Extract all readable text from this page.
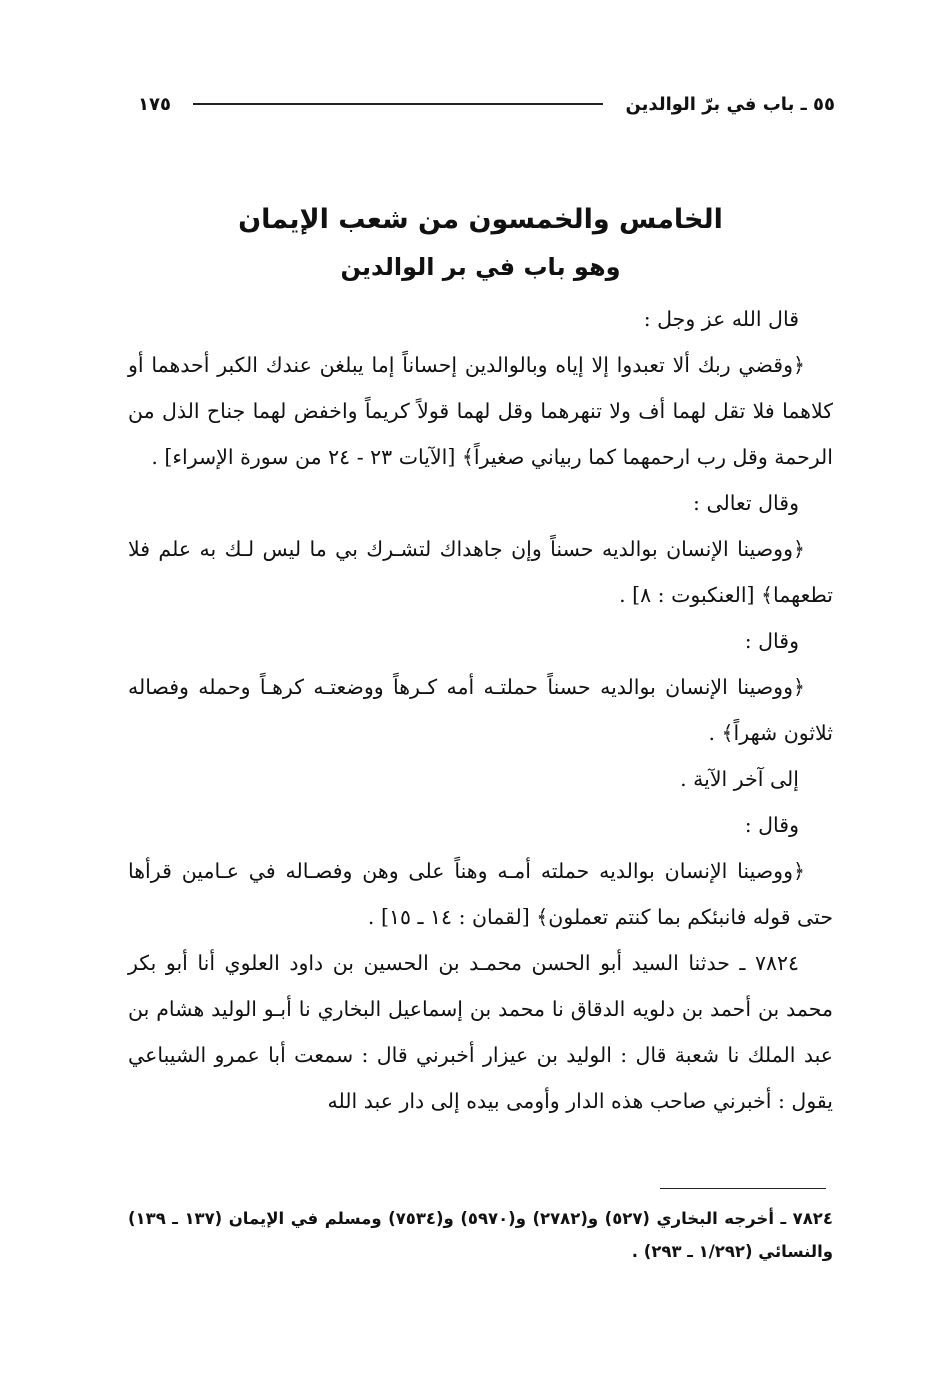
٥٥ ـ باب في برّ الوالدين
١٧٥

الخامس والخمسون من شعب الإيمان

وهو باب في بر الوالدين

قال الله عز وجل :

﴿وقضي ربك ألا تعبدوا إلا إياه وبالوالدين إحساناً إما يبلغن عندك الكبر أحدهما أو كلاهما فلا تقل لهما أف ولا تنهرهما وقل لهما قولاً كريماً واخفض لهما جناح الذل من الرحمة وقل رب ارحمهما كما ربياني صغيراً﴾ [الآيات ٢٣ - ٢٤ من سورة الإسراء] .

وقال تعالى :

﴿ووصينا الإنسان بوالديه حسناً وإن جاهداك لتشـرك بي ما ليس لـك به علم فلا تطعهما﴾ [العنكبوت : ٨] .

وقال :

﴿ووصينا الإنسان بوالديه حسناً حملتـه أمه كـرهاً ووضعتـه كرهـاً وحمله وفصاله ثلاثون شهراً﴾ .

إلى آخر الآية .

وقال :

﴿ووصينا الإنسان بوالديه حملته أمـه وهناً على وهن وفصـاله في عـامين قرأها حتى قوله فانبئكم بما كنتم تعملون﴾ [لقمان : ١٤ ـ ١٥] .

٧٨٢٤ ـ حدثنا السيد أبو الحسن محمـد بن الحسين بن داود العلوي أنا أبو بكر محمد بن أحمد بن دلويه الدقاق نا محمد بن إسماعيل البخاري نا أبـو الوليد هشام بن عبد الملك نا شعبة قال : الوليد بن عيزار أخبرني قال : سمعت أبا عمرو الشيباعي يقول : أخبرني صاحب هذه الدار وأومى بيده إلى دار عبد الله

٧٨٢٤ ـ أخرجه البخاري (٥٢٧) و(٢٧٨٢) و(٥٩٧٠) و(٧٥٣٤) ومسلم في الإيمان (١٣٧ ـ ١٣٩) والنسائي (١/٢٩٢ ـ ٢٩٣) .
